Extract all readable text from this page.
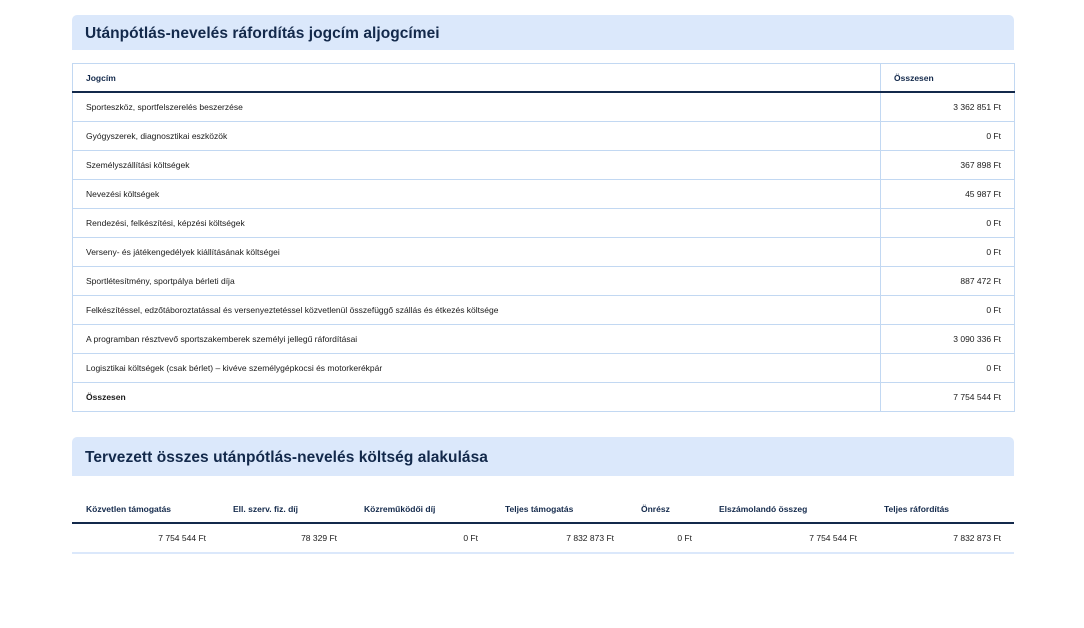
Utánpótlás-nevelés ráfordítás jogcím aljogcímei
Jogcím	Összesen
Sporteszköz, sportfelszerelés beszerzése	3 362 851 Ft
Gyógyszerek, diagnosztikai eszközök	0 Ft
Személyszállítási költségek	367 898 Ft
Nevezési költségek	45 987 Ft
Rendezési, felkészítési, képzési költségek	0 Ft
Verseny- és játékengedélyek kiállításának költségei	0 Ft
Sportlétesítmény, sportpálya bérleti díja	887 472 Ft
Felkészítéssel, edzőtáboroztatással és versenyeztetéssel közvetlenül összefüggő szállás és étkezés költsége	0 Ft
A programban résztvevő sportszakemberek személyi jellegű ráfordításai	3 090 336 Ft
Logisztikai költségek (csak bérlet) – kivéve személygépkocsi és motorkerékpár	0 Ft
Összesen	7 754 544 Ft
Tervezett összes utánpótlás-nevelés költség alakulása
Közvetlen támogatás	Ell. szerv. fiz. díj	Közreműködői díj	Teljes támogatás	Önrész	Elszámolandó összeg	Teljes ráfordítás
7 754 544 Ft	78 329 Ft	0 Ft	7 832 873 Ft	0 Ft	7 754 544 Ft	7 832 873 Ft
